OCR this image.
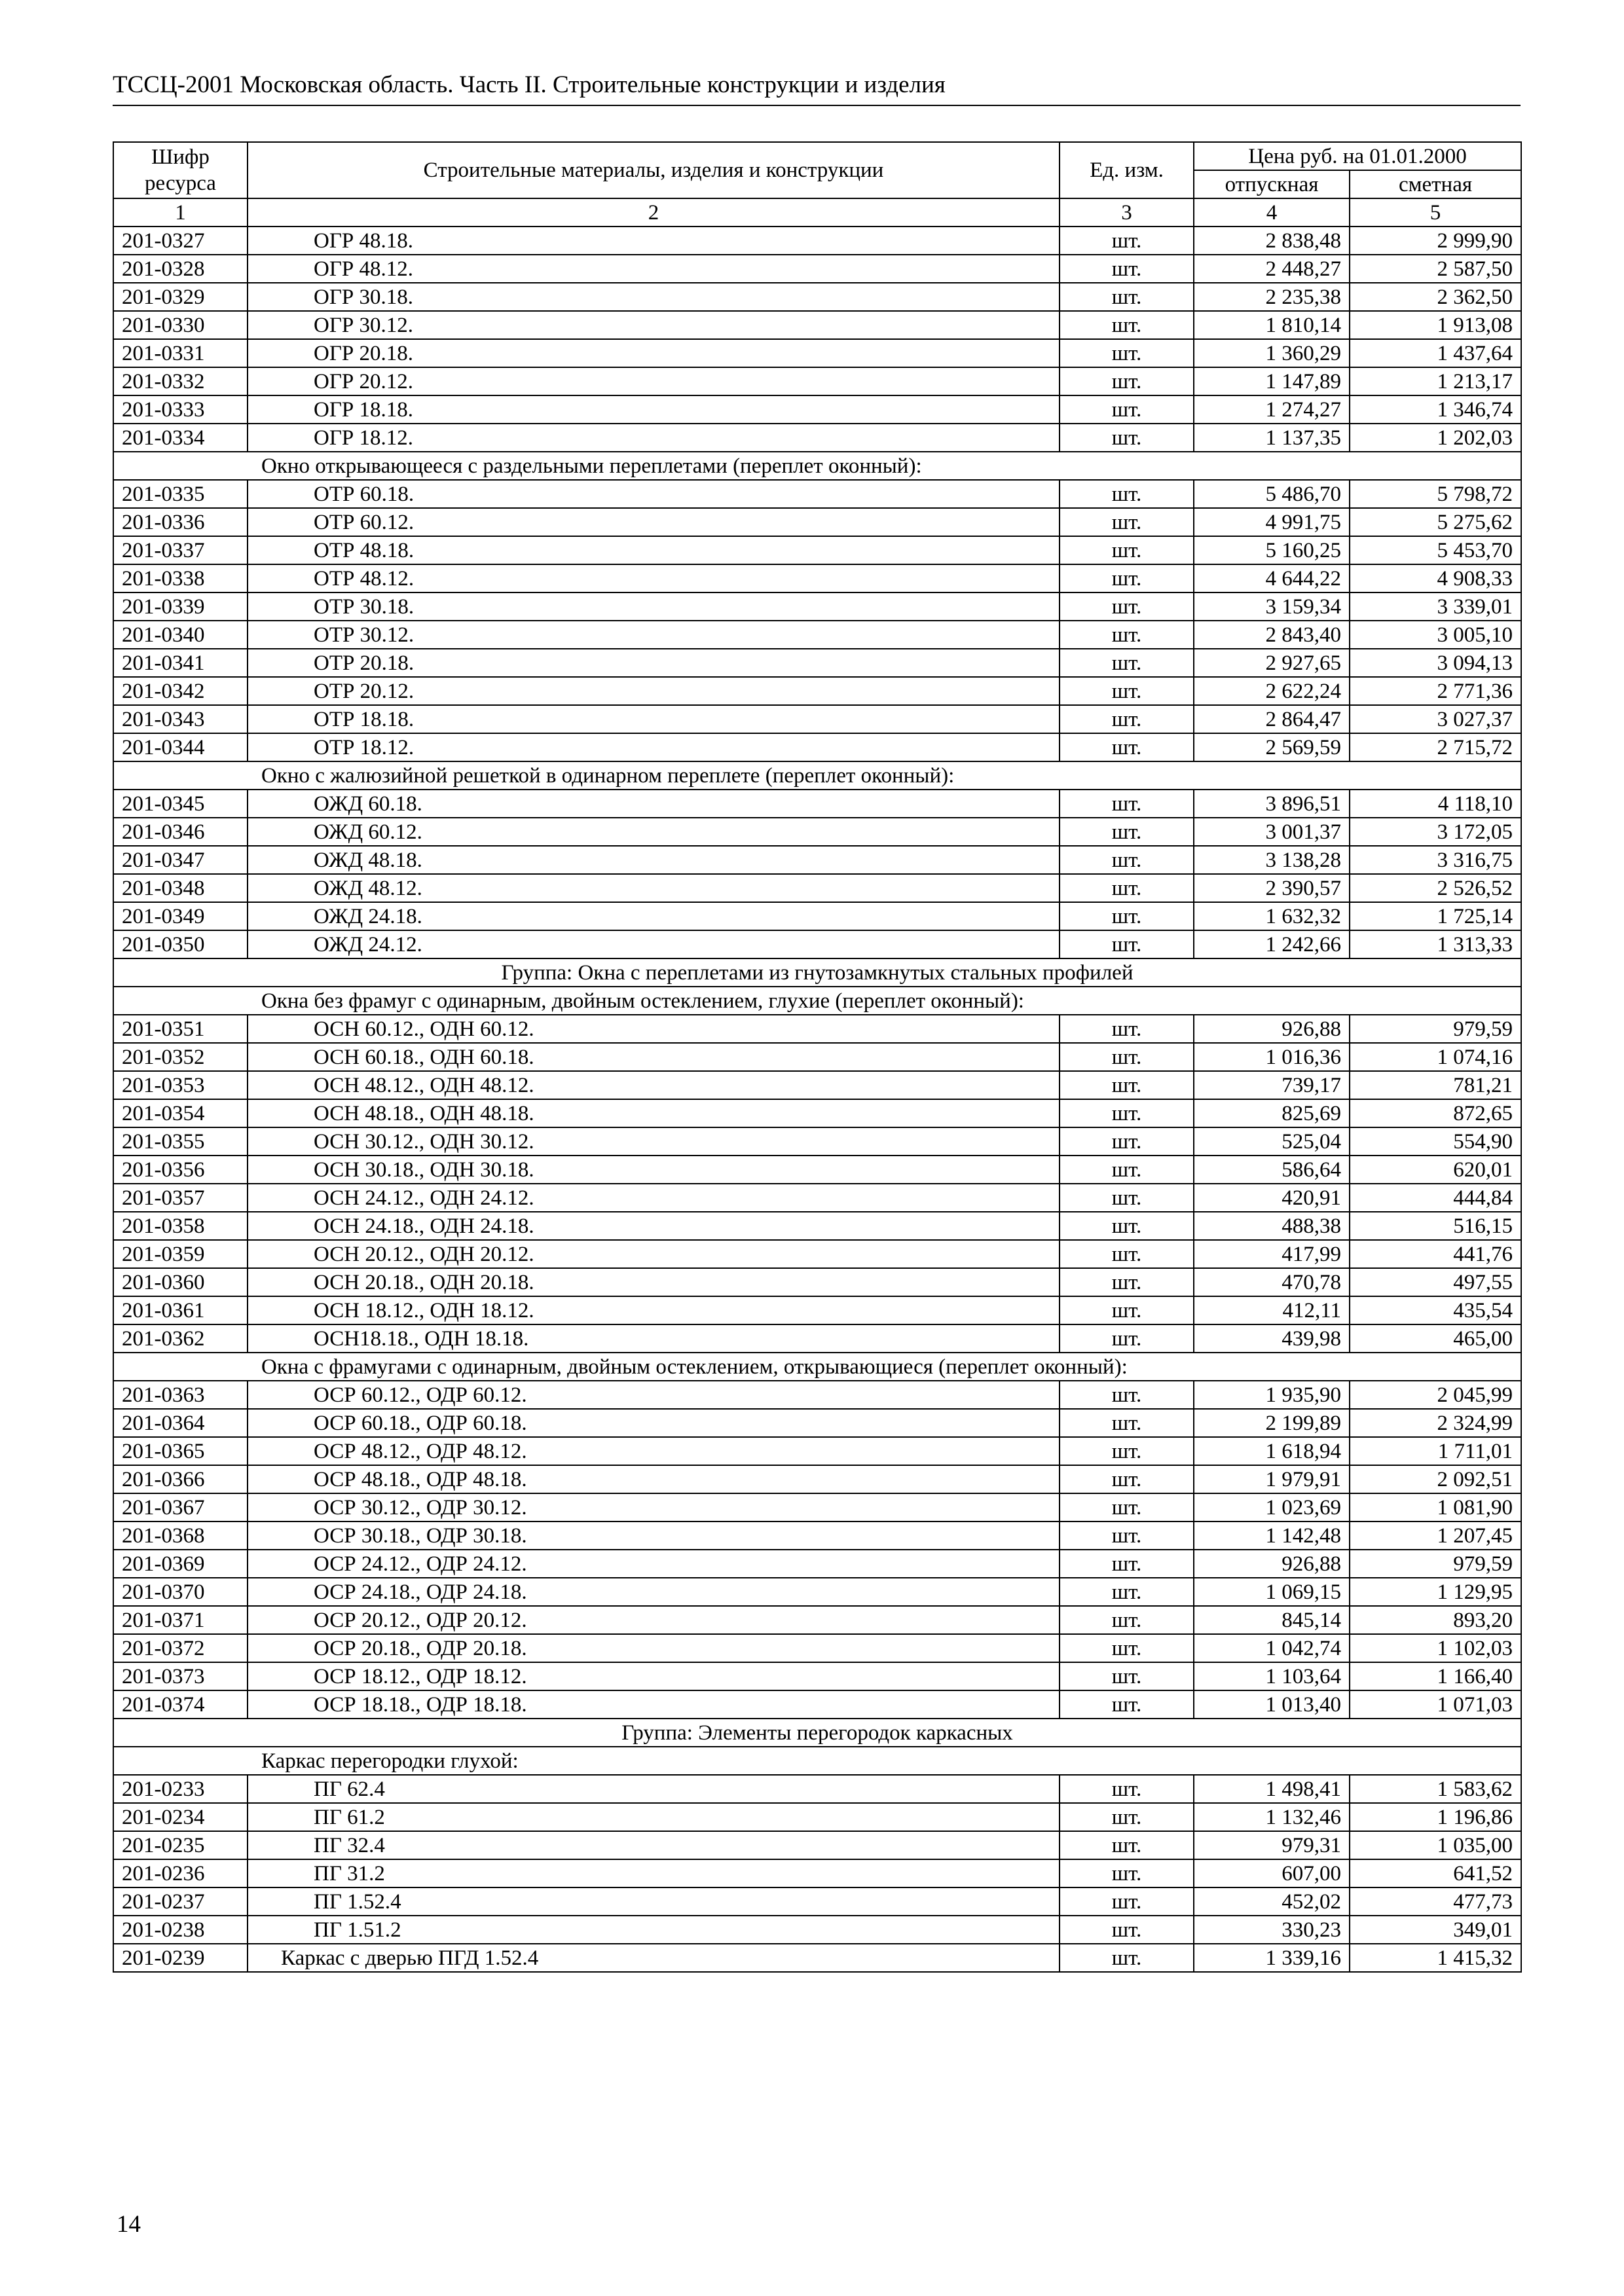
ТССЦ-2001 Московская область. Часть II. Строительные конструкции и изделия
Шифр ресурса	Строительные материалы, изделия и конструкции	Ед. изм.	Цена руб. на 01.01.2000	
			отпускная	сметная
1	2	3	4	5
201-0327	ОГР 48.18.	шт.	2 838,48	2 999,90
201-0328	ОГР 48.12.	шт.	2 448,27	2 587,50
201-0329	ОГР 30.18.	шт.	2 235,38	2 362,50
201-0330	ОГР 30.12.	шт.	1 810,14	1 913,08
201-0331	ОГР 20.18.	шт.	1 360,29	1 437,64
201-0332	ОГР 20.12.	шт.	1 147,89	1 213,17
201-0333	ОГР 18.18.	шт.	1 274,27	1 346,74
201-0334	ОГР 18.12.	шт.	1 137,35	1 202,03
Окно открывающееся с раздельными переплетами (переплет оконный):				
201-0335	ОТР 60.18.	шт.	5 486,70	5 798,72
201-0336	ОТР 60.12.	шт.	4 991,75	5 275,62
201-0337	ОТР 48.18.	шт.	5 160,25	5 453,70
201-0338	ОТР 48.12.	шт.	4 644,22	4 908,33
201-0339	ОТР 30.18.	шт.	3 159,34	3 339,01
201-0340	ОТР 30.12.	шт.	2 843,40	3 005,10
201-0341	ОТР 20.18.	шт.	2 927,65	3 094,13
201-0342	ОТР 20.12.	шт.	2 622,24	2 771,36
201-0343	ОТР 18.18.	шт.	2 864,47	3 027,37
201-0344	ОТР 18.12.	шт.	2 569,59	2 715,72
Окно с жалюзийной решеткой в одинарном переплете (переплет оконный):				
201-0345	ОЖД 60.18.	шт.	3 896,51	4 118,10
201-0346	ОЖД 60.12.	шт.	3 001,37	3 172,05
201-0347	ОЖД 48.18.	шт.	3 138,28	3 316,75
201-0348	ОЖД 48.12.	шт.	2 390,57	2 526,52
201-0349	ОЖД 24.18.	шт.	1 632,32	1 725,14
201-0350	ОЖД 24.12.	шт.	1 242,66	1 313,33
Группа: Окна с переплетами из гнутозамкнутых стальных профилей				
Окна без фрамуг с одинарным, двойным остеклением, глухие (переплет оконный):				
201-0351	ОСН 60.12., ОДН 60.12.	шт.	926,88	979,59
201-0352	ОСН 60.18., ОДН 60.18.	шт.	1 016,36	1 074,16
201-0353	ОСН 48.12., ОДН 48.12.	шт.	739,17	781,21
201-0354	ОСН 48.18., ОДН 48.18.	шт.	825,69	872,65
201-0355	ОСН 30.12., ОДН 30.12.	шт.	525,04	554,90
201-0356	ОСН 30.18., ОДН 30.18.	шт.	586,64	620,01
201-0357	ОСН 24.12., ОДН 24.12.	шт.	420,91	444,84
201-0358	ОСН 24.18., ОДН 24.18.	шт.	488,38	516,15
201-0359	ОСН 20.12., ОДН 20.12.	шт.	417,99	441,76
201-0360	ОСН 20.18., ОДН 20.18.	шт.	470,78	497,55
201-0361	ОСН 18.12., ОДН 18.12.	шт.	412,11	435,54
201-0362	ОСН18.18., ОДН 18.18.	шт.	439,98	465,00
Окна с фрамугами с одинарным, двойным остеклением, открывающиеся (переплет оконный):				
201-0363	ОСР 60.12., ОДР 60.12.	шт.	1 935,90	2 045,99
201-0364	ОСР 60.18., ОДР 60.18.	шт.	2 199,89	2 324,99
201-0365	ОСР 48.12., ОДР 48.12.	шт.	1 618,94	1 711,01
201-0366	ОСР 48.18., ОДР 48.18.	шт.	1 979,91	2 092,51
201-0367	ОСР 30.12., ОДР 30.12.	шт.	1 023,69	1 081,90
201-0368	ОСР 30.18., ОДР 30.18.	шт.	1 142,48	1 207,45
201-0369	ОСР 24.12., ОДР 24.12.	шт.	926,88	979,59
201-0370	ОСР 24.18., ОДР 24.18.	шт.	1 069,15	1 129,95
201-0371	ОСР 20.12., ОДР 20.12.	шт.	845,14	893,20
201-0372	ОСР 20.18., ОДР 20.18.	шт.	1 042,74	1 102,03
201-0373	ОСР 18.12., ОДР 18.12.	шт.	1 103,64	1 166,40
201-0374	ОСР 18.18., ОДР 18.18.	шт.	1 013,40	1 071,03
Группа: Элементы перегородок каркасных				
Каркас перегородки глухой:				
201-0233	ПГ 62.4	шт.	1 498,41	1 583,62
201-0234	ПГ 61.2	шт.	1 132,46	1 196,86
201-0235	ПГ 32.4	шт.	979,31	1 035,00
201-0236	ПГ 31.2	шт.	607,00	641,52
201-0237	ПГ 1.52.4	шт.	452,02	477,73
201-0238	ПГ 1.51.2	шт.	330,23	349,01
201-0239	Каркас с дверью ПГД 1.52.4	шт.	1 339,16	1 415,32
14
